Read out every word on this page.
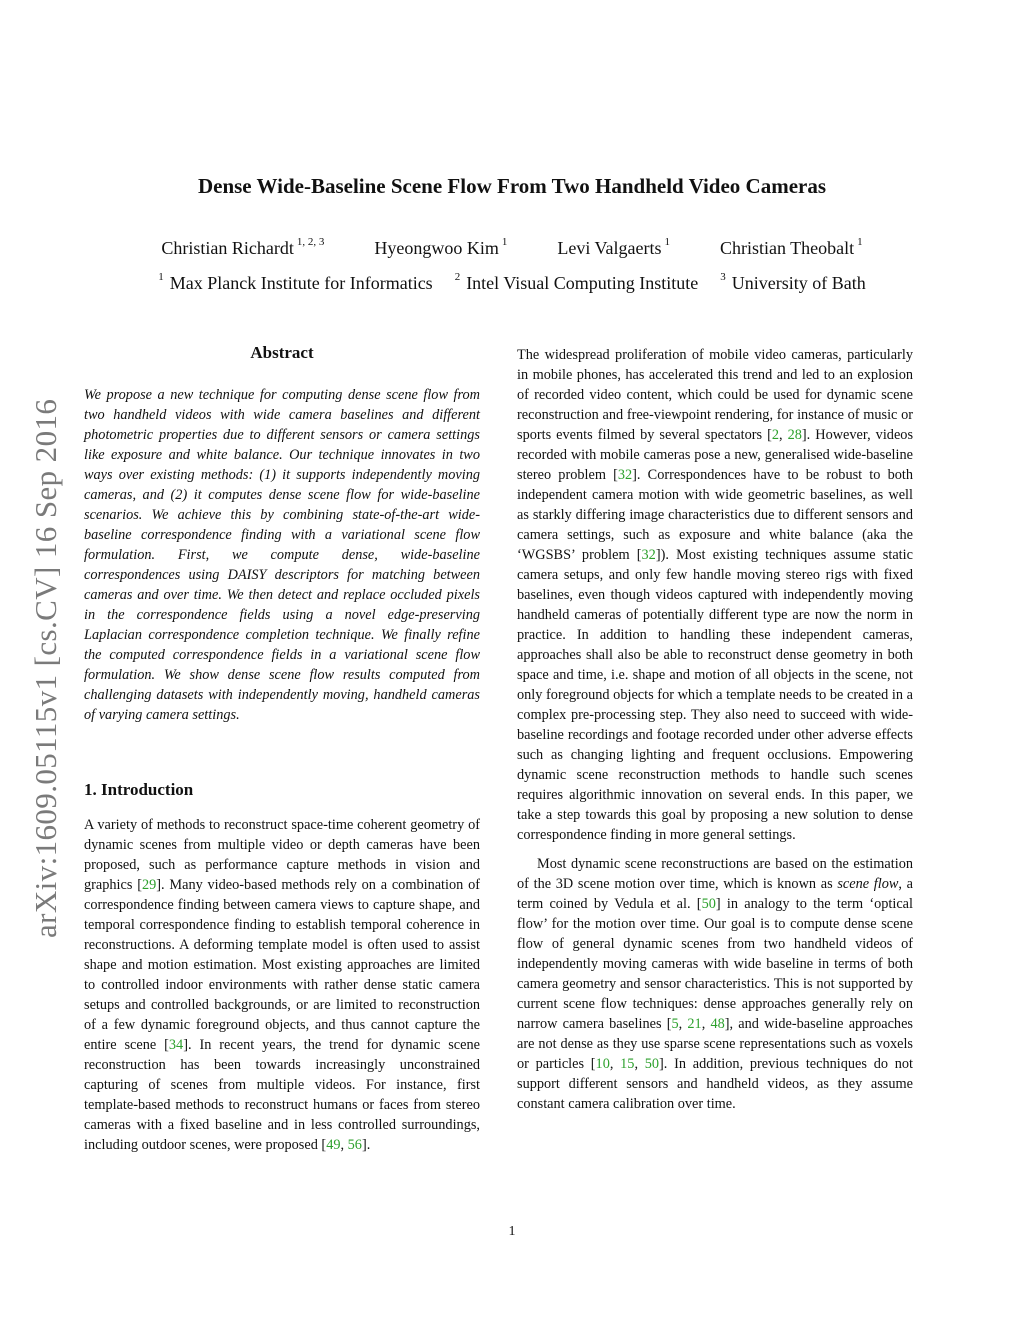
Dense Wide-Baseline Scene Flow From Two Handheld Video Cameras
Christian Richardt $^{1, 2, 3}$	Hyeongwoo Kim $^1$	Levi Valgaerts $^1$	Christian Theobalt $^1$
$^1$ Max Planck Institute for Informatics $^2$ Intel Visual Computing Institute $^3$ University of Bath
arXiv:1609.05115v1 [cs.CV] 16 Sep 2016
Abstract
We propose a new technique for computing dense scene flow from two handheld videos with wide camera baselines and different photometric properties due to different sensors or camera settings like exposure and white balance. Our technique innovates in two ways over existing methods: (1) it supports independently moving cameras, and (2) it computes dense scene flow for wide-baseline scenarios. We achieve this by combining state-of-the-art wide-baseline correspondence finding with a variational scene flow formulation. First, we compute dense, wide-baseline correspondences using DAISY descriptors for matching between cameras and over time. We then detect and replace occluded pixels in the correspondence fields using a novel edge-preserving Laplacian correspondence completion technique. We finally refine the computed correspondence fields in a variational scene flow formulation. We show dense scene flow results computed from challenging datasets with independently moving, handheld cameras of varying camera settings.
1. Introduction
A variety of methods to reconstruct space-time coherent geometry of dynamic scenes from multiple video or depth cameras have been proposed, such as performance capture methods in vision and graphics [29]. Many video-based methods rely on a combination of correspondence finding between camera views to capture shape, and temporal correspondence finding to establish temporal coherence in reconstructions. A deforming template model is often used to assist shape and motion estimation. Most existing approaches are limited to controlled indoor environments with rather dense static camera setups and controlled backgrounds, or are limited to reconstruction of a few dynamic foreground objects, and thus cannot capture the entire scene [34]. In recent years, the trend for dynamic scene reconstruction has been towards increasingly unconstrained capturing of scenes from multiple videos. For instance, first template-based methods to reconstruct humans or faces from stereo cameras with a fixed baseline and in less controlled surroundings, including outdoor scenes, were proposed [49, 56].

The widespread proliferation of mobile video cameras, particularly in mobile phones, has accelerated this trend and led to an explosion of recorded video content, which could be used for dynamic scene reconstruction and free-viewpoint rendering, for instance of music or sports events filmed by several spectators [2, 28]. However, videos recorded with mobile cameras pose a new, generalised wide-baseline stereo problem [32]. Correspondences have to be robust to both independent camera motion with wide geometric baselines, as well as starkly differing image characteristics due to different sensors and camera settings, such as exposure and white balance (aka the ‘WGSBS’ problem [32]). Most existing techniques assume static camera setups, and only few handle moving stereo rigs with fixed baselines, even though videos captured with independently moving handheld cameras of potentially different type are now the norm in practice. In addition to handling these independent cameras, approaches shall also be able to reconstruct dense geometry in both space and time, i.e. shape and motion of all objects in the scene, not only foreground objects for which a template needs to be created in a complex pre-processing step. They also need to succeed with wide-baseline recordings and footage recorded under other adverse effects such as changing lighting and frequent occlusions. Empowering dynamic scene reconstruction methods to handle such scenes requires algorithmic innovation on several ends. In this paper, we take a step towards this goal by proposing a new solution to dense correspondence finding in more general settings.

Most dynamic scene reconstructions are based on the estimation of the 3D scene motion over time, which is known as scene flow, a term coined by Vedula et al. [50] in analogy to the term ‘optical flow’ for the motion over time. Our goal is to compute dense scene flow of general dynamic scenes from two handheld videos of independently moving cameras with wide baseline in terms of both camera geometry and sensor characteristics. This is not supported by current scene flow techniques: dense approaches generally rely on narrow camera baselines [5, 21, 48], and wide-baseline approaches are not dense as they use sparse scene representations such as voxels or particles [10, 15, 50]. In addition, previous techniques do not support different sensors and handheld videos, as they assume constant camera calibration over time.

1
